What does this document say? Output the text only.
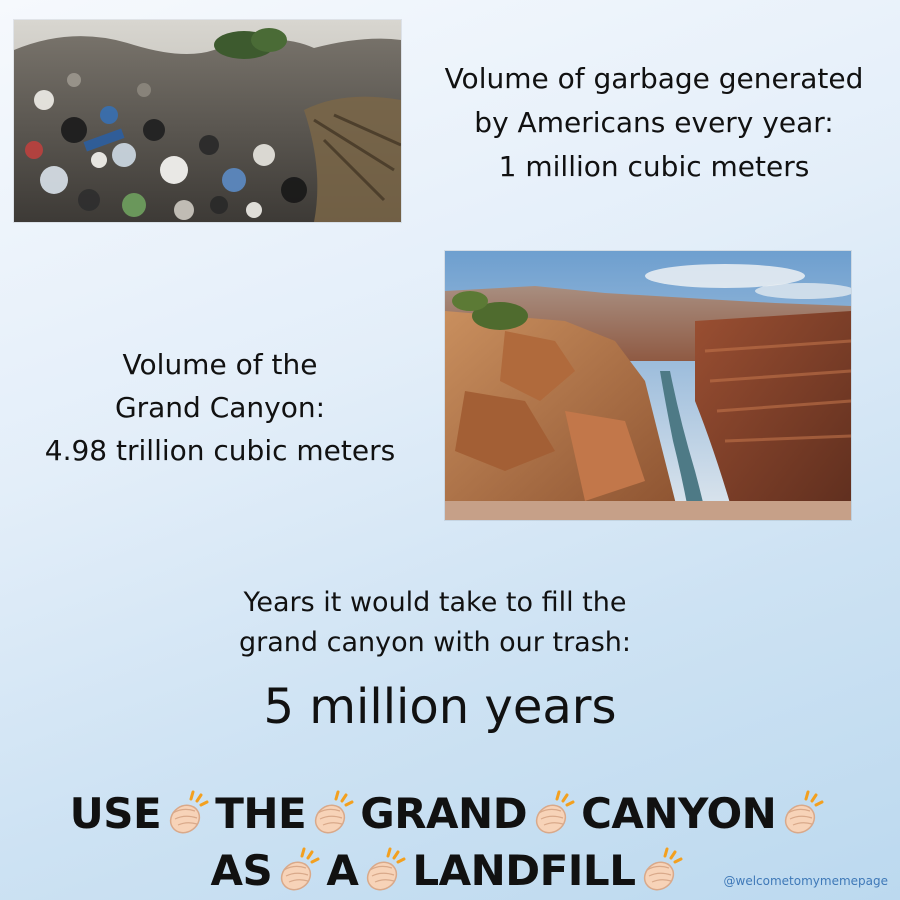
Volume of garbage generated
by Americans every year:
1 million cubic meters
Volume of the
Grand Canyon:
4.98 trillion cubic meters
Years it would take to fill the
grand canyon with our trash:
5 million years
USE THE GRAND CANYON
AS A LANDFILL	@welcometomymemepage
